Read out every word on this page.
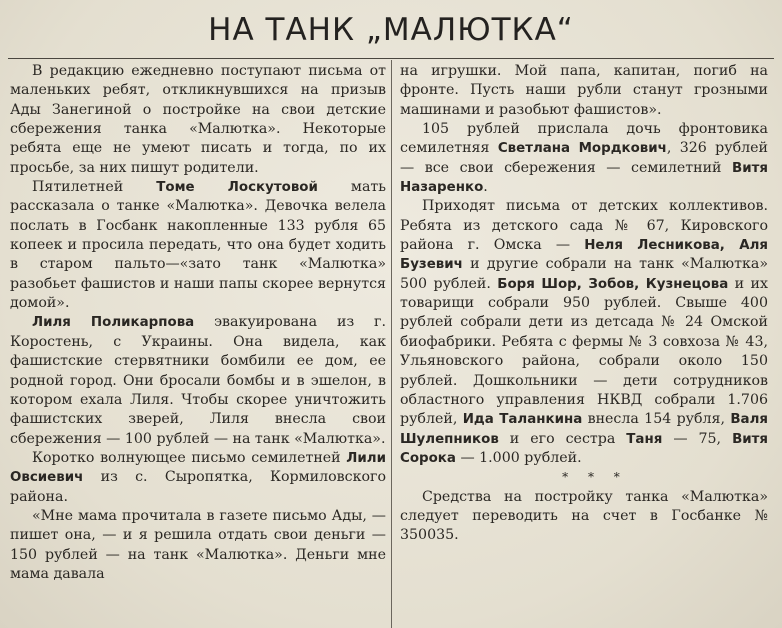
НА ТАНК „МАЛЮТКА“

В редакцию ежедневно поступают письма от маленьких ребят, откликнувшихся на призыв Ады Занегиной о постройке на свои детские сбережения танка «Малютка». Некоторые ребята еще не умеют писать и тогда, по их просьбе, за них пишут родители.

Пятилетней Томе Лоскутовой мать рассказала о танке «Малютка». Девочка велела послать в Госбанк накопленные 133 рубля 65 копеек и просила передать, что она будет ходить в старом пальто—«зато танк «Малютка» разобьет фашистов и наши папы скорее вернутся домой».

Лиля Поликарпова эвакуирована из г. Коростень, с Украины. Она видела, как фашистские стервятники бомбили ее дом, ее родной город. Они бросали бомбы и в эшелон, в котором ехала Лиля. Чтобы скорее уничтожить фашистских зверей, Лиля внесла свои сбережения — 100 рублей — на танк «Малютка».

Коротко волнующее письмо семилетней Лили Овсиевич из с. Сыропятка, Кормиловского района.

«Мне мама прочитала в газете письмо Ады, — пишет она, — и я решила отдать свои деньги — 150 рублей — на танк «Малютка». Деньги мне мама давала

на игрушки. Мой папа, капитан, погиб на фронте. Пусть наши рубли станут грозными машинами и разобьют фашистов».

105 рублей прислала дочь фронтовика семилетняя Светлана Мордкович, 326 рублей — все свои сбережения — семилетний Витя Назаренко.

Приходят письма от детских коллективов. Ребята из детского сада № 67, Кировского района г. Омска — Неля Лесникова, Аля Бузевич и другие собрали на танк «Малютка» 500 рублей. Боря Шор, Зобов, Кузнецова и их товарищи собрали 950 рублей. Свыше 400 рублей собрали дети из детсада № 24 Омской биофабрики. Ребята с фермы № 3 совхоза № 43, Ульяновского района, собрали около 150 рублей. Дошкольники — дети сотрудников областного управления НКВД собрали 1.706 рублей, Ида Таланкина внесла 154 рубля, Валя Шулепников и его сестра Таня — 75, Витя Сорока — 1.000 рублей.

* * *

Средства на постройку танка «Малютка» следует переводить на счет в Госбанке № 350035.
